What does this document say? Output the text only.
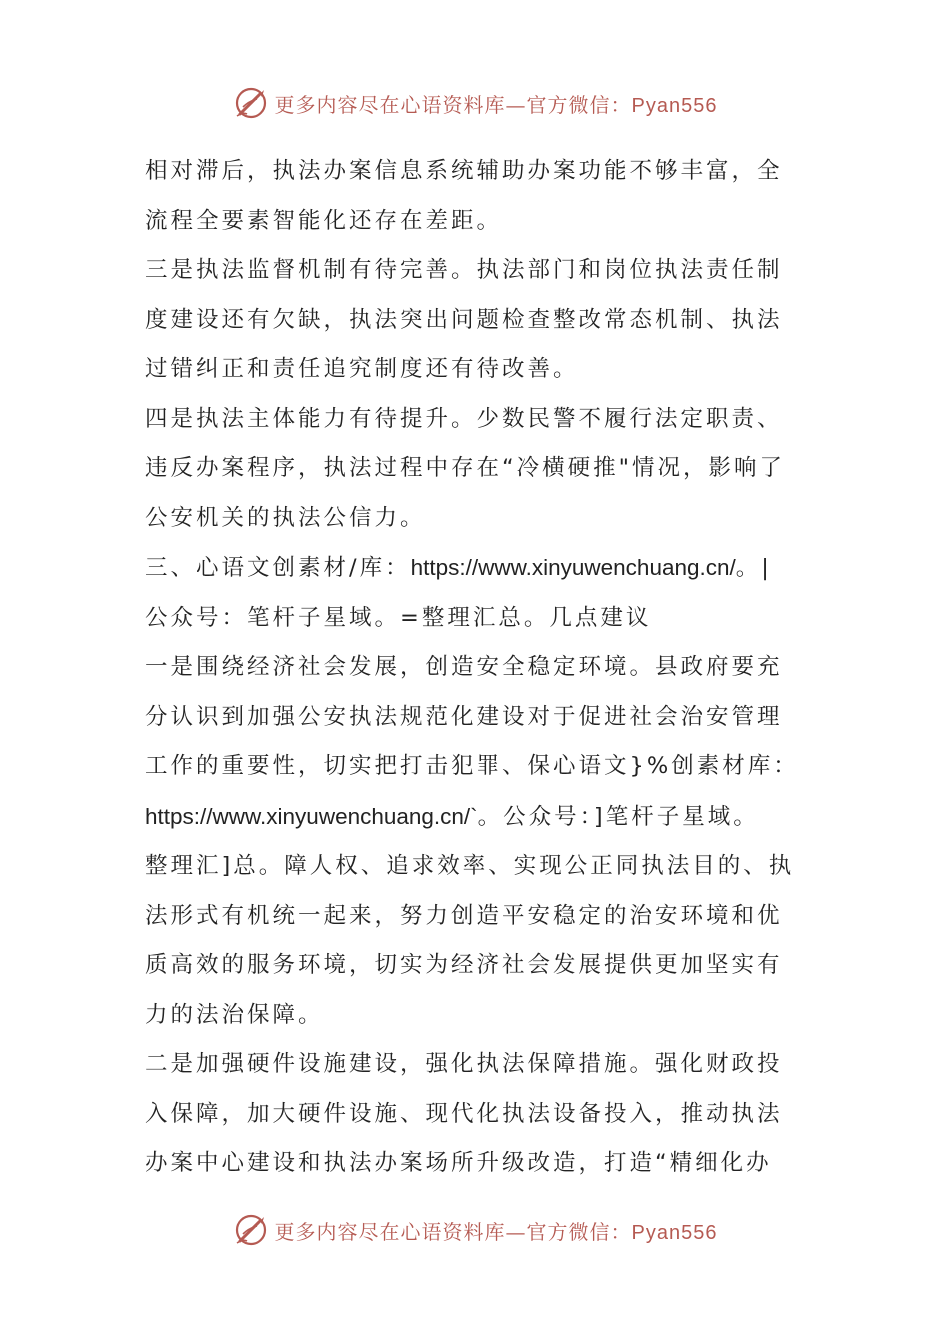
更多内容尽在心语资料库—官方微信：Pyan556

相对滞后，执法办案信息系统辅助办案功能不够丰富，全
流程全要素智能化还存在差距。

三是执法监督机制有待完善。执法部门和岗位执法责任制
度建设还有欠缺，执法突出问题检查整改常态机制、执法
过错纠正和责任追究制度还有待改善。

四是执法主体能力有待提升。少数民警不履行法定职责、
违反办案程序，执法过程中存在“冷横硬推"情况，影响了
公安机关的执法公信力。

三、心语文创素材/库：https://www.xinyuwenchuang.cn/。|
公众号：笔杆子星域。=整理汇总。几点建议

一是围绕经济社会发展，创造安全稳定环境。县政府要充
分认识到加强公安执法规范化建设对于促进社会治安管理
工作的重要性，切实把打击犯罪、保心语文}%创素材库：
https://www.xinyuwenchuang.cn/`。公众号：]笔杆子星域。
整理汇]总。障人权、追求效率、实现公正同执法目的、执
法形式有机统一起来，努力创造平安稳定的治安环境和优
质高效的服务环境，切实为经济社会发展提供更加坚实有
力的法治保障。

二是加强硬件设施建设，强化执法保障措施。强化财政投
入保障，加大硬件设施、现代化执法设备投入，推动执法
办案中心建设和执法办案场所升级改造，打造“精细化办

更多内容尽在心语资料库—官方微信：Pyan556
